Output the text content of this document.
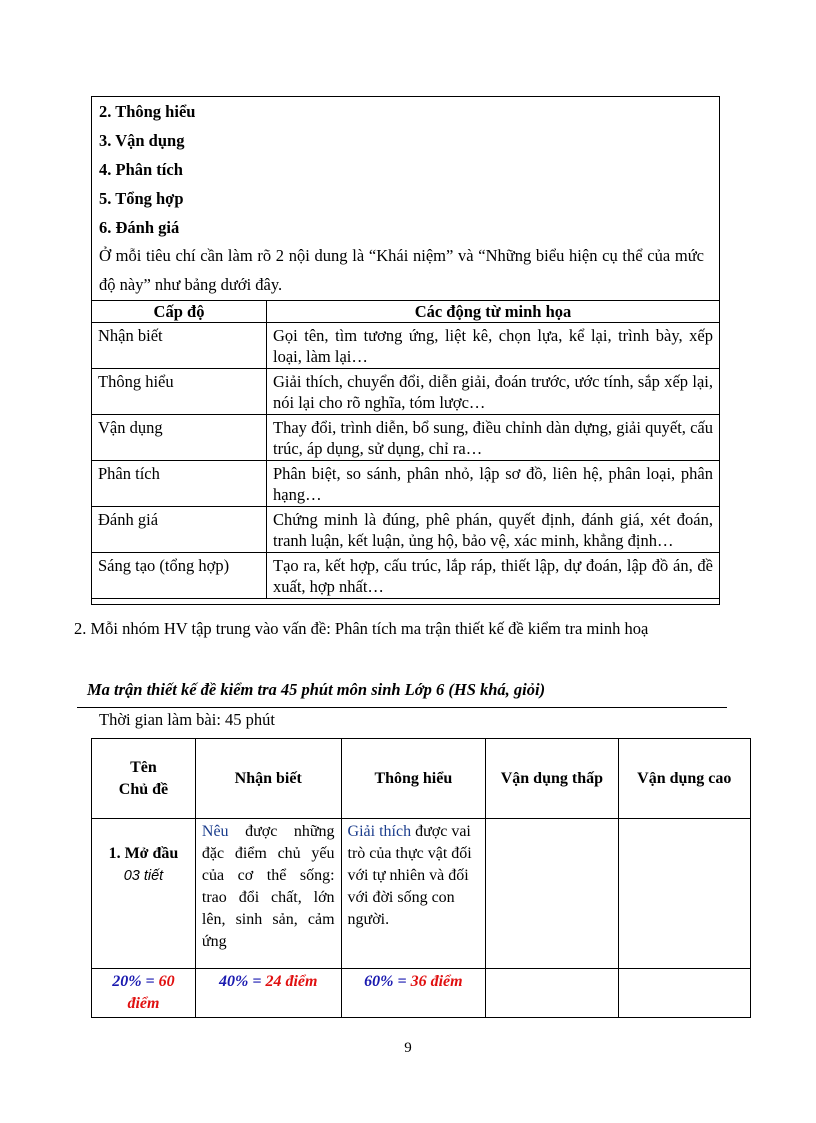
2. Thông hiểu
3. Vận dụng
4. Phân tích
5. Tổng hợp
6. Đánh giá
Ở mỗi tiêu chí cần làm rõ 2 nội dung là “Khái niệm” và “Những biểu hiện cụ thể của mức độ này” như bảng dưới đây.
Cấp độ	Các động từ minh họa
Nhận biết	Gọi tên, tìm tương ứng, liệt kê, chọn lựa, kể lại, trình bày, xếp loại, làm lại…
Thông hiểu	Giải thích, chuyển đổi, diễn giải, đoán trước, ước tính, sắp xếp lại, nói lại cho rõ nghĩa, tóm lược…
Vận dụng	Thay đổi, trình diễn, bổ sung, điều chỉnh dàn dựng, giải quyết, cấu trúc, áp dụng, sử dụng, chỉ ra…
Phân tích	Phân biệt, so sánh, phân nhỏ, lập sơ đồ, liên hệ, phân loại, phân hạng…
Đánh giá	Chứng minh là đúng, phê phán, quyết định, đánh giá, xét đoán, tranh luận, kết luận, ủng hộ, bảo vệ, xác minh, khẳng định…
Sáng tạo (tổng hợp)	Tạo ra, kết hợp, cấu trúc, lắp ráp, thiết lập, dự đoán, lập đồ án, đề xuất, hợp nhất…
2. Mỗi nhóm HV tập trung vào vấn đề: Phân tích ma trận thiết kế đề kiểm tra minh hoạ
Ma trận thiết kế đề kiểm tra 45 phút môn sinh Lớp 6 (HS khá, giỏi)
Thời gian làm bài: 45 phút
Tên
Chủ đề	Nhận biết	Thông hiểu	Vận dụng thấp	Vận dụng cao

1. Mở đầu
03 tiết	Nêu được những đặc điểm chủ yếu của cơ thể sống: trao đổi chất, lớn lên, sinh sản, cảm ứng	Giải thích được vai trò của thực vật đối với tự nhiên và đối với đời sống con người.		
20% = 60 điểm	40% = 24 điểm	60% = 36 điểm		
9
